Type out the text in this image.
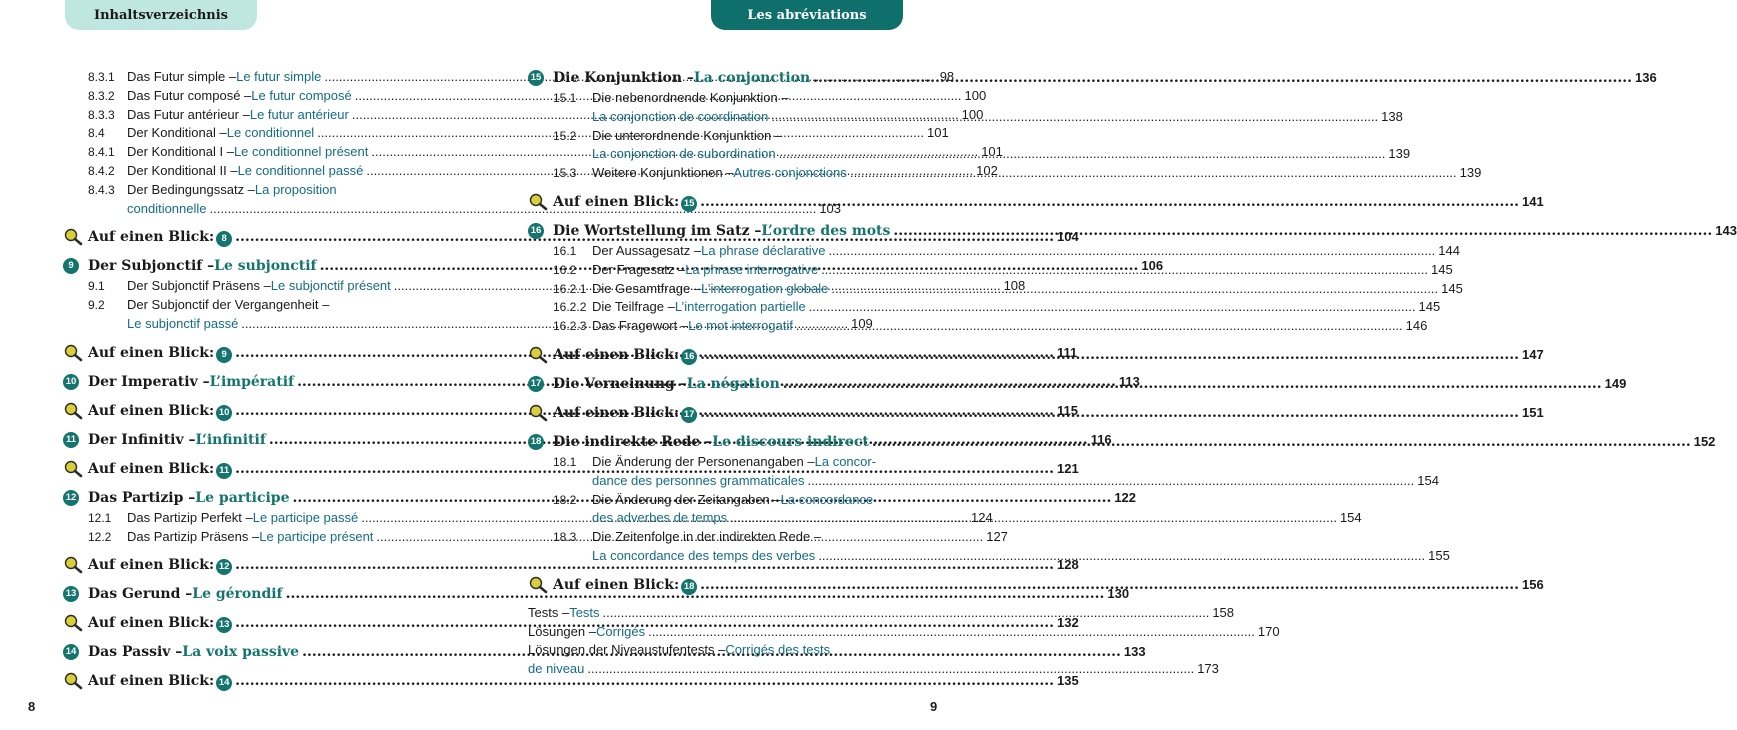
Inhaltsverzeichnis	Les abréviations
8.3.1 Das Futur simple – Le futur simple .....	98
8.3.2 Das Futur composé – Le futur composé .....	100
8.3.3 Das Futur antérieur – Le futur antérieur .....	100
8.4	Der Konditional – Le conditionnel .....	101
8.4.1 Der Konditional I – Le conditionnel présent .....	101
8.4.2 Der Konditional II – Le conditionnel passé .....	102
8.4.3 Der Bedingungssatz – La proposition
conditionnelle .....	103
Auf einen Blick: 8 .....	104
9	Der Subjonctif – Le subjonctif .....	106
9.1	Der Subjonctif Präsens – Le subjonctif présent .....	108
9.2	Der Subjonctif der Vergangenheit –
Le subjonctif passé .....	109
Auf einen Blick: 9 .....	111
10 Der Imperativ – L’impératif .....	113
Auf einen Blick: 10 .....	115
11 Der Infinitiv – L‘infinitif .....	116
Auf einen Blick: 11 .....	121
12 Das Partizip – Le participe .....	122
12.1	Das Partizip Perfekt – Le participe passé .....	124
12.2	Das Partizip Präsens – Le participe présent .....	127
Auf einen Blick: 12 .....	128
13 Das Gerund – Le gérondif .....	130
Auf einen Blick: 13 .....	132
14 Das Passiv – La voix passive .....	133
Auf einen Blick: 14 .....	135
15 Die Konjunktion – La conjonction .....	136
15.1	Die nebenordnende Konjunktion –
La conjonction de coordination .....	138
15.2	Die unterordnende Konjunktion –
La conjonction de subordination .....	139
15.3	Weitere Konjunktionen – Autres conjonctions .....	139
Auf einen Blick: 15 .....	141
16 Die Wortstellung im Satz – L’ordre des mots .....	143
16.1	Der Aussagesatz – La phrase déclarative .....	144
16.2	Der Fragesatz – La phrase interrogative .....	145
16.2.1 Die Gesamtfrage – L’interrogation globale .....	145
16.2.2 Die Teilfrage – L’interrogation partielle .....	145
16.2.3 Das Fragewort – Le mot interrogatif .....	146
Auf einen Blick: 16 .....	147
17 Die Verneinung – La négation .....	149
Auf einen Blick: 17 .....	151
18 Die indirekte Rede – Le discours indirect .....	152
18.1	Die Änderung der Personenangaben – La concor-
dance des personnes grammaticales .....	154
18.2	Die Änderung der Zeitangaben – La concordance
des adverbes de temps .....	154
18.3	Die Zeitenfolge in der indirekten Rede –
La concordance des temps des verbes .....	155
Auf einen Blick: 18 .....	156
Tests – Tests .....	158
Lösungen – Corrigés .....	170
Lösungen der Niveaustufentests – Corrigés des tests
de niveau .....	173
8	9
